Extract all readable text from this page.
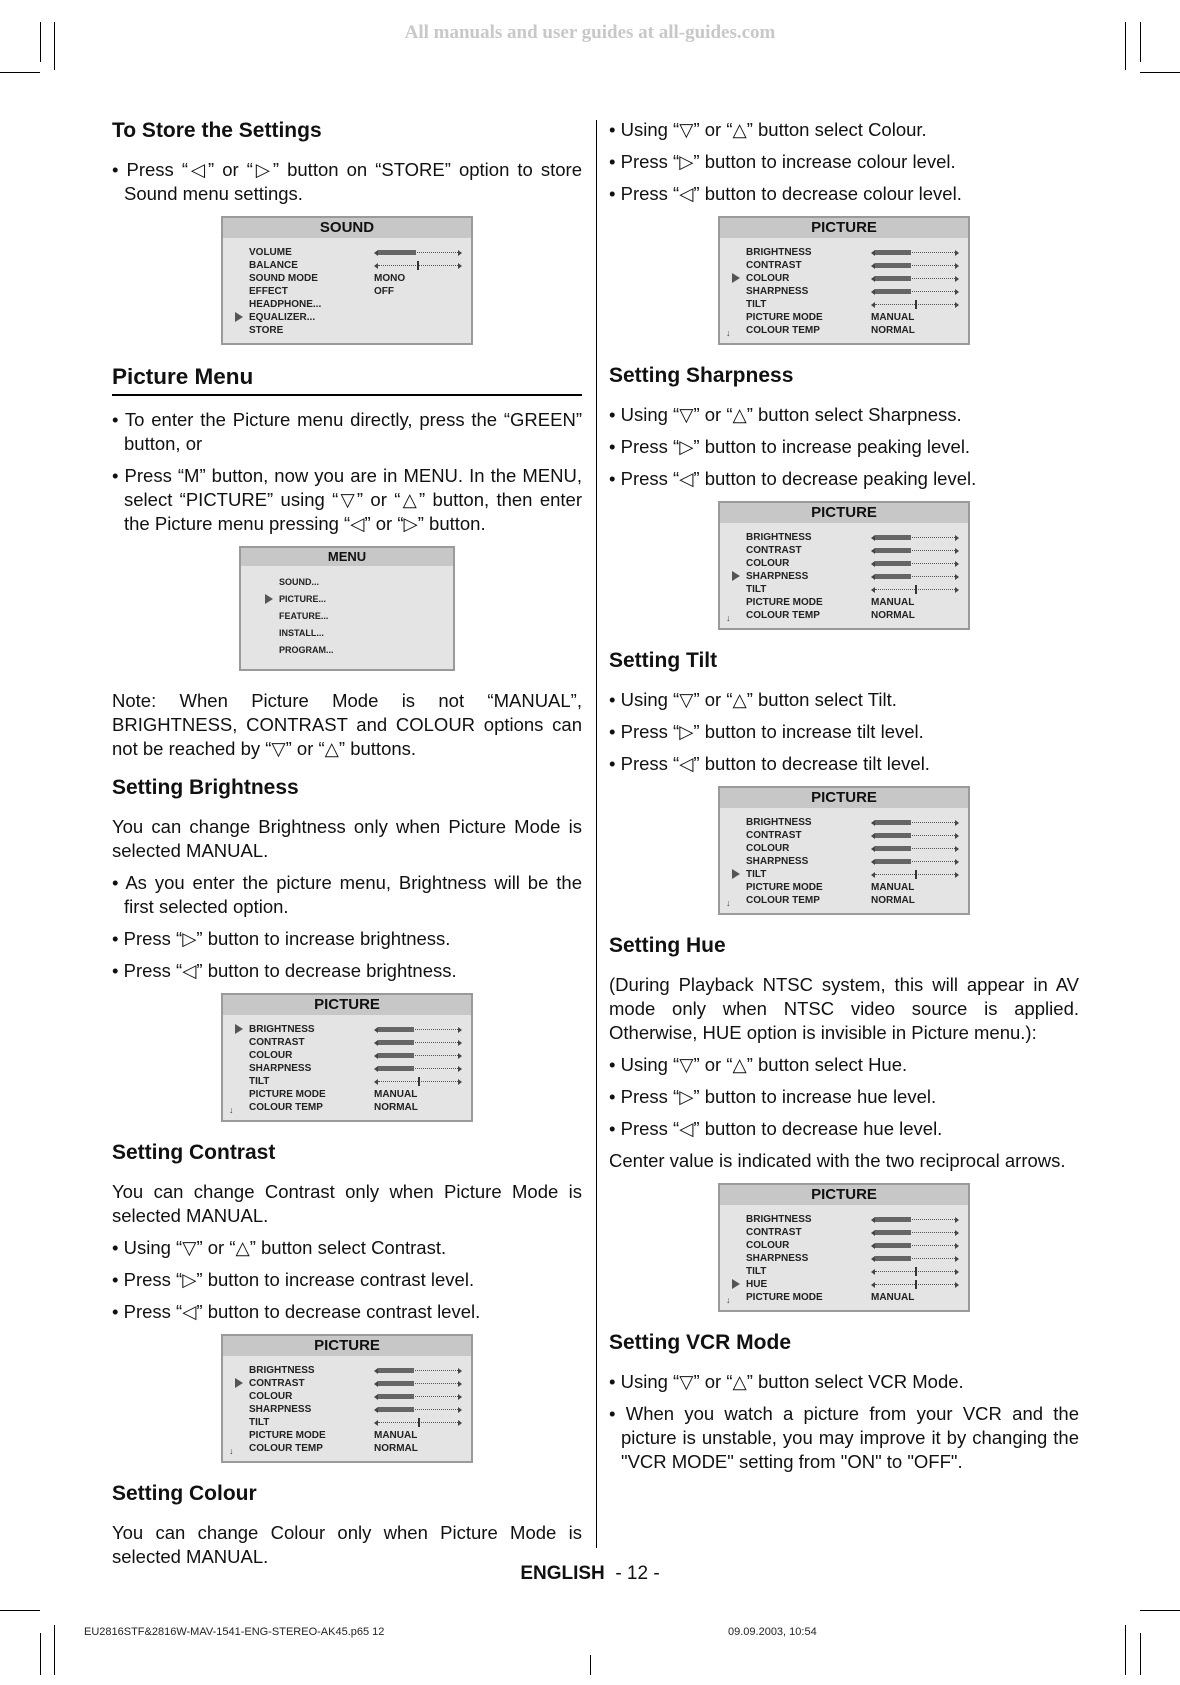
All manuals and user guides at all-guides.com
To Store the Settings

• Press “◁” or “▷” button on “STORE” option to store Sound menu settings.

SOUND
VOLUME
BALANCE
SOUND MODE	MONO
EFFECT	OFF
HEADPHONE...
EQUALIZER...
STORE
Picture Menu

• To enter the Picture menu directly, press the “GREEN” button, or

• Press “M” button, now you are in MENU. In the MENU, select “PICTURE” using “▽” or “△” button, then enter the Picture menu pressing “◁” or “▷” button.

MENU
SOUND...
PICTURE...
FEATURE...
INSTALL...
PROGRAM...

Note: When Picture Mode is not “MANUAL”, BRIGHTNESS, CONTRAST and COLOUR options can not be reached by “▽” or “△” buttons.

Setting Brightness

You can change Brightness only when Picture Mode is selected MANUAL.

• As you enter the picture menu, Brightness will be the first selected option.

• Press “▷” button to increase brightness.

• Press “◁” button to decrease brightness.

PICTURE
BRIGHTNESS
CONTRAST
COLOUR
SHARPNESS
TILT
PICTURE MODE	MANUAL
COLOUR TEMP	NORMAL
↓
Setting Contrast

You can change Contrast only when Picture Mode is selected MANUAL.

• Using “▽” or “△” button select Contrast.

• Press “▷” button to increase contrast level.

• Press “◁” button to decrease contrast level.

PICTURE
BRIGHTNESS
CONTRAST
COLOUR
SHARPNESS
TILT
PICTURE MODE	MANUAL
COLOUR TEMP	NORMAL
↓
Setting Colour

You can change Colour only when Picture Mode is selected MANUAL.

• Using “▽” or “△” button select Colour.

• Press “▷” button to increase colour level.

• Press “◁” button to decrease colour level.

PICTURE
BRIGHTNESS
CONTRAST
COLOUR
SHARPNESS
TILT
PICTURE MODE	MANUAL
COLOUR TEMP	NORMAL
↓
Setting Sharpness

• Using “▽” or “△” button select Sharpness.

• Press “▷” button to increase peaking level.

• Press “◁” button to decrease peaking level.

PICTURE
BRIGHTNESS
CONTRAST
COLOUR
SHARPNESS
TILT
PICTURE MODE	MANUAL
COLOUR TEMP	NORMAL
↓
Setting Tilt

• Using “▽” or “△” button select Tilt.

• Press “▷” button to increase tilt level.

• Press “◁” button to decrease tilt level.

PICTURE
BRIGHTNESS
CONTRAST
COLOUR
SHARPNESS
TILT
PICTURE MODE	MANUAL
COLOUR TEMP	NORMAL
↓
Setting Hue

(During Playback NTSC system, this will appear in AV mode only when NTSC video source is applied. Otherwise, HUE option is invisible in Picture menu.):

• Using “▽” or “△” button select Hue.

• Press “▷” button to increase hue level.

• Press “◁” button to decrease hue level.

Center value is indicated with the two reciprocal arrows.

PICTURE
BRIGHTNESS
CONTRAST
COLOUR
SHARPNESS
TILT
HUE
PICTURE MODE	MANUAL
↓
Setting VCR Mode

• Using “▽” or “△” button select VCR Mode.

• When you watch a picture from your VCR and the picture is unstable, you may improve it by changing the "VCR MODE" setting from "ON" to "OFF".

ENGLISH - 12 -
EU2816STF&2816W-MAV-1541-ENG-STEREO-AK45.p65 12	09.09.2003, 10:54
